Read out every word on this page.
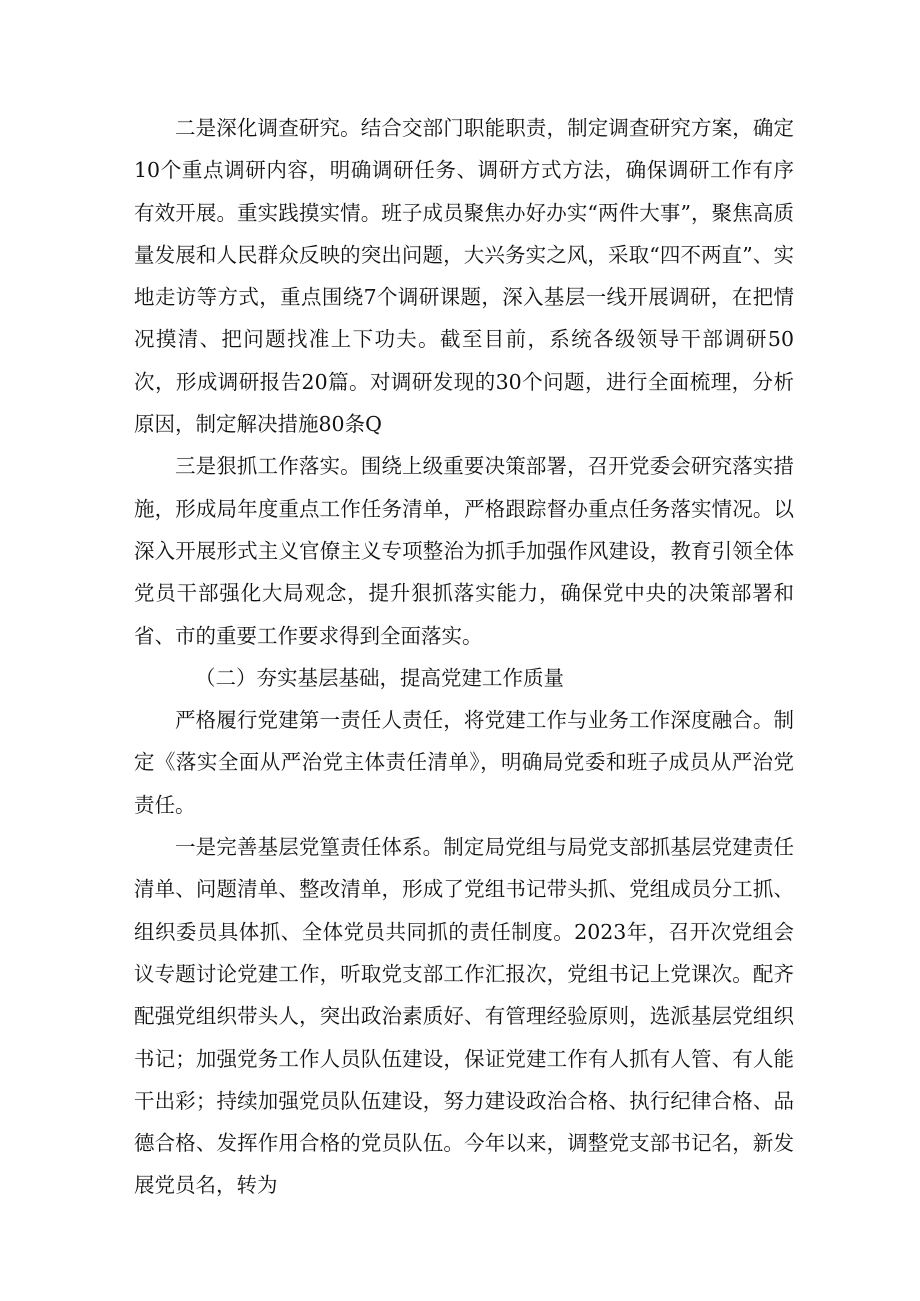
二是深化调查研究。结合交部门职能职责，制定调查研究方案，确定10个重点调研内容，明确调研任务、调研方式方法，确保调研工作有序有效开展。重实践摸实情。班子成员聚焦办好办实“两件大事”，聚焦高质量发展和人民群众反映的突出问题，大兴务实之风，采取“四不两直”、实地走访等方式，重点围绕7个调研课题，深入基层一线开展调研，在把情况摸清、把问题找准上下功夫。截至目前，系统各级领导干部调研50次，形成调研报告20篇。对调研发现的30个问题，进行全面梳理，分析原因，制定解决措施80条Q

三是狠抓工作落实。围绕上级重要决策部署，召开党委会研究落实措施，形成局年度重点工作任务清单，严格跟踪督办重点任务落实情况。以深入开展形式主义官僚主义专项整治为抓手加强作风建设，教育引领全体党员干部强化大局观念，提升狠抓落实能力，确保党中央的决策部署和省、市的重要工作要求得到全面落实。

（二）夯实基层基础，提高党建工作质量

严格履行党建第一责任人责任，将党建工作与业务工作深度融合。制定《落实全面从严治党主体责任清单》，明确局党委和班子成员从严治党责任。

一是完善基层党篁责任体系。制定局党组与局党支部抓基层党建责任清单、问题清单、整改清单，形成了党组书记带头抓、党组成员分工抓、组织委员具体抓、全体党员共同抓的责任制度。2023年，召开次党组会议专题讨论党建工作，听取党支部工作汇报次，党组书记上党课次。配齐配强党组织带头人，突出政治素质好、有管理经验原则，选派基层党组织书记；加强党务工作人员队伍建设，保证党建工作有人抓有人管、有人能干出彩；持续加强党员队伍建设，努力建设政治合格、执行纪律合格、品德合格、发挥作用合格的党员队伍。今年以来，调整党支部书记名，新发展党员名，转为
